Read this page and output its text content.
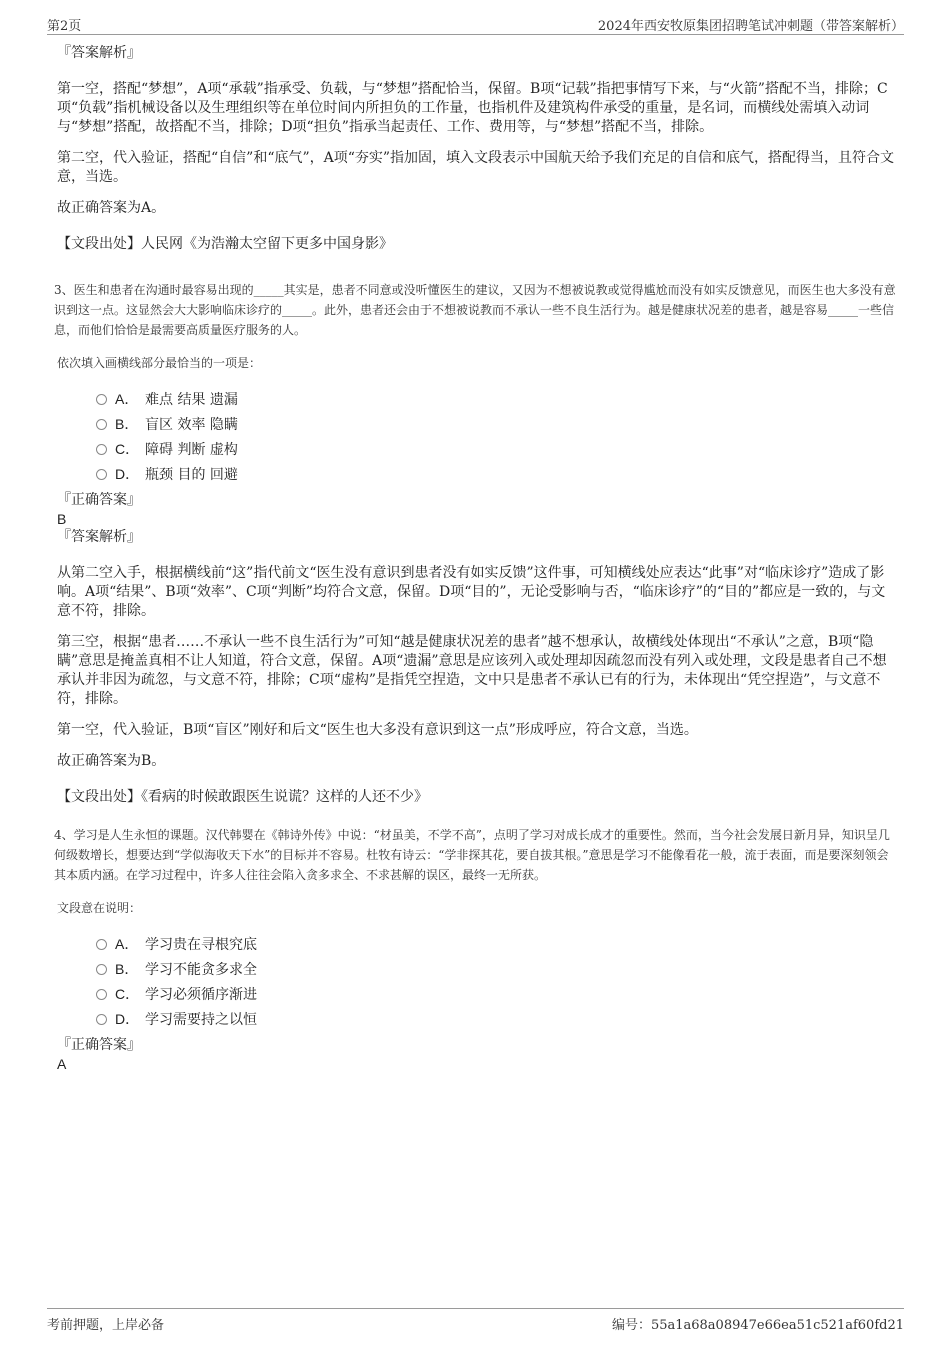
第2页	2024年西安牧原集团招聘笔试冲刺题（带答案解析）

『答案解析』

第一空，搭配“梦想”，A项“承载”指承受、负载，与“梦想”搭配恰当，保留。B项“记载”指把事情写下来，与“火箭”搭配不当，排除；C项“负载”指机械设备以及生理组织等在单位时间内所担负的工作量，也指机件及建筑构件承受的重量，是名词，而横线处需填入动词与“梦想”搭配，故搭配不当，排除；D项“担负”指承当起责任、工作、费用等，与“梦想”搭配不当，排除。

第二空，代入验证，搭配“自信”和“底气”，A项“夯实”指加固，填入文段表示中国航天给予我们充足的自信和底气，搭配得当，且符合文意，当选。

故正确答案为A。

【文段出处】人民网《为浩瀚太空留下更多中国身影》

3、医生和患者在沟通时最容易出现的_____其实是，患者不同意或没听懂医生的建议，又因为不想被说教或觉得尴尬而没有如实反馈意见，而医生也大多没有意识到这一点。这显然会大大影响临床诊疗的_____。此外，患者还会由于不想被说教而不承认一些不良生活行为。越是健康状况差的患者，越是容易_____一些信息，而他们恰恰是最需要高质量医疗服务的人。

依次填入画横线部分最恰当的一项是：

A． 难点 结果 遗漏
B． 盲区 效率 隐瞒
C． 障碍 判断 虚构
D． 瓶颈 目的 回避

『正确答案』

B

『答案解析』

从第二空入手，根据横线前“这”指代前文“医生没有意识到患者没有如实反馈”这件事，可知横线处应表达“此事”对“临床诊疗”造成了影响。A项“结果”、B项“效率”、C项“判断”均符合文意，保留。D项“目的”，无论受影响与否，“临床诊疗”的“目的”都应是一致的，与文意不符，排除。

第三空，根据“患者……不承认一些不良生活行为”可知“越是健康状况差的患者”越不想承认，故横线处体现出“不承认”之意，B项“隐瞒”意思是掩盖真相不让人知道，符合文意，保留。A项“遗漏”意思是应该列入或处理却因疏忽而没有列入或处理，文段是患者自己不想承认并非因为疏忽，与文意不符，排除；C项“虚构”是指凭空捏造，文中只是患者不承认已有的行为，未体现出“凭空捏造”，与文意不符，排除。

第一空，代入验证，B项“盲区”刚好和后文“医生也大多没有意识到这一点”形成呼应，符合文意，当选。

故正确答案为B。

【文段出处】《看病的时候敢跟医生说谎？这样的人还不少》

4、学习是人生永恒的课题。汉代韩婴在《韩诗外传》中说：“材虽美，不学不高”，点明了学习对成长成才的重要性。然而，当今社会发展日新月异，知识呈几何级数增长，想要达到“学似海收天下水”的目标并不容易。杜牧有诗云：“学非探其花，要自拔其根。”意思是学习不能像看花一般，流于表面，而是要深刻领会其本质内涵。在学习过程中，许多人往往会陷入贪多求全、不求甚解的误区，最终一无所获。

文段意在说明：

A． 学习贵在寻根究底
B． 学习不能贪多求全
C． 学习必须循序渐进
D． 学习需要持之以恒

『正确答案』

A

考前押题，上岸必备	编号：55a1a68a08947e66ea51c521af60fd21
